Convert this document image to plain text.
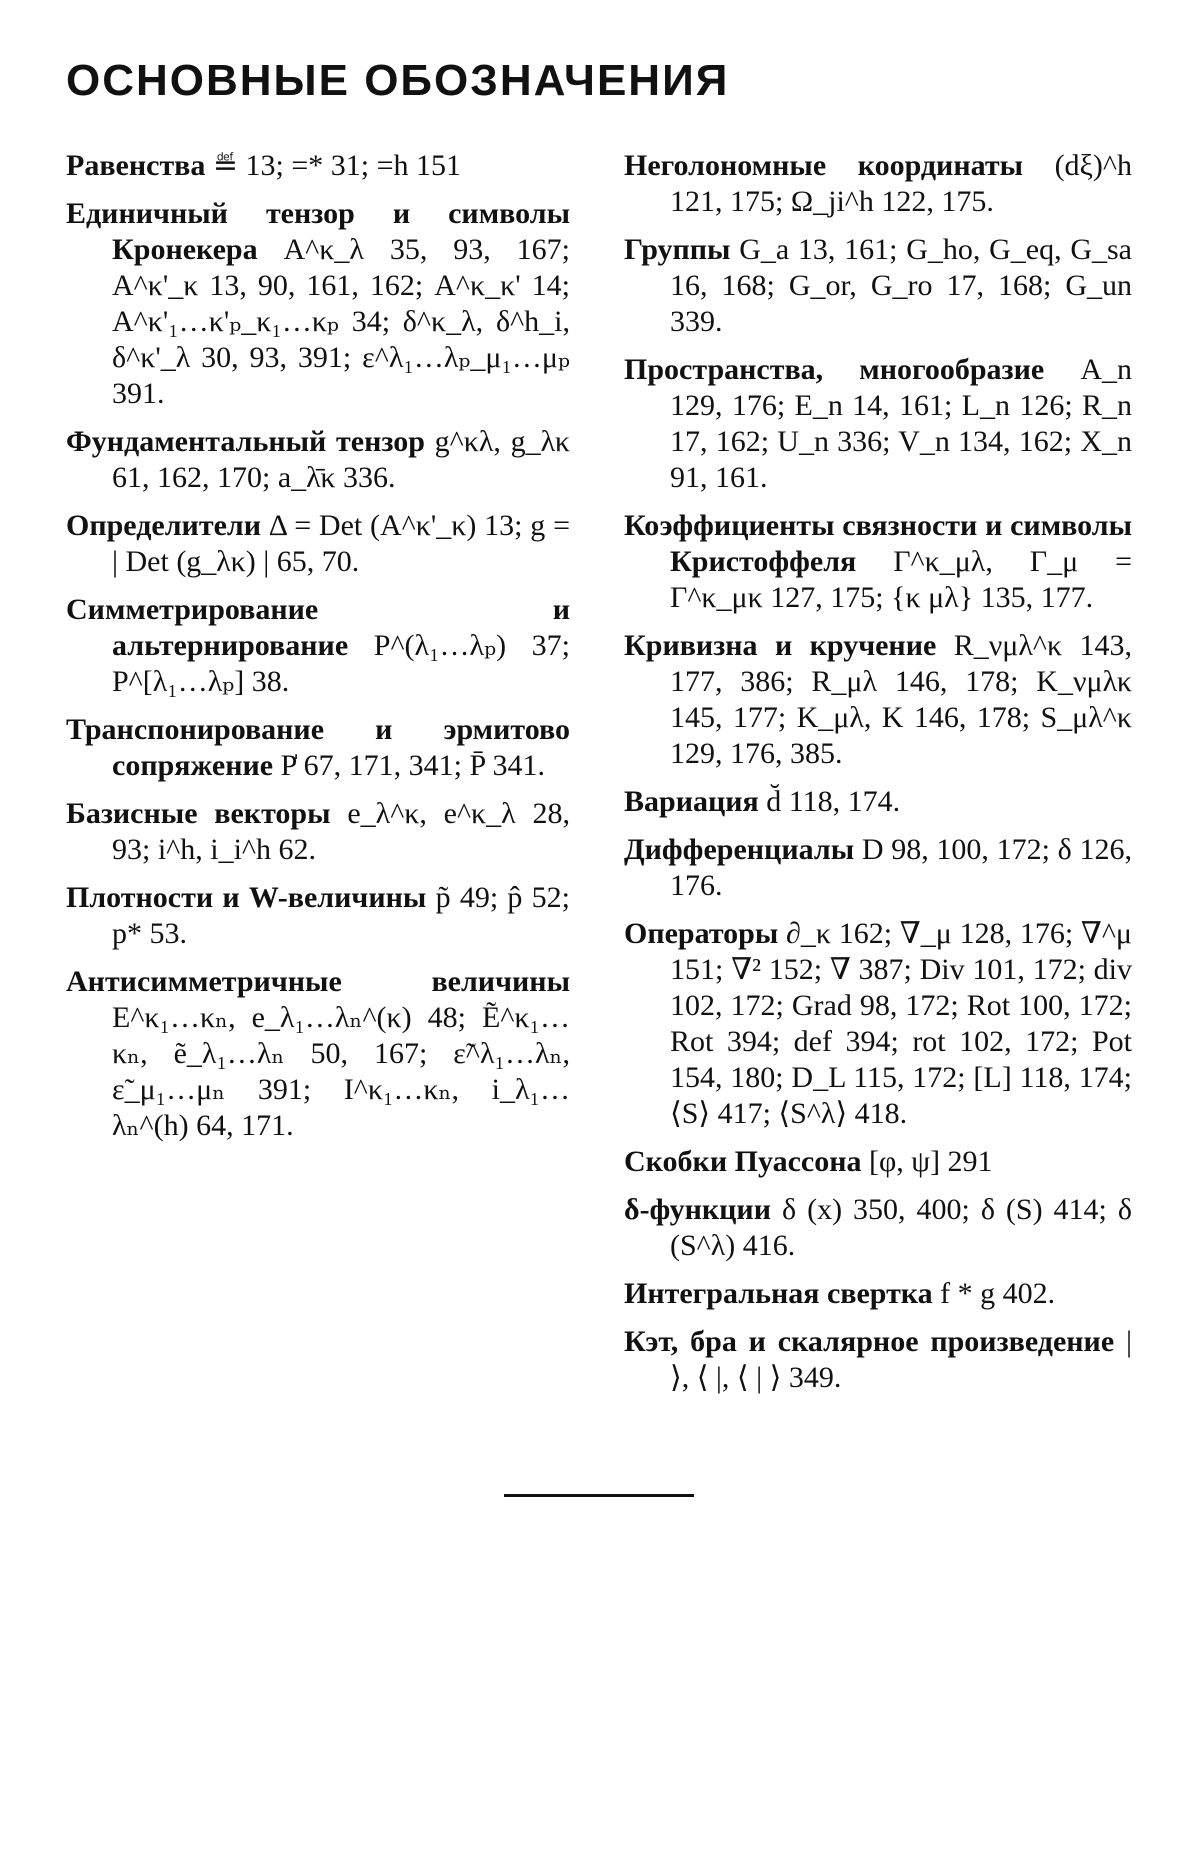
ОСНОВНЫЕ ОБОЗНАЧЕНИЯ

Равенства ≝ 13; =* 31; =h 151

Единичный тензор и символы Кронекера A^κ_λ 35, 93, 167; A^κ'_κ 13, 90, 161, 162; A^κ_κ' 14; A^κ'₁…κ'ₚ_κ₁…κₚ 34; δ^κ_λ, δ^h_i, δ^κ'_λ 30, 93, 391; ε^λ₁…λₚ_μ₁…μₚ 391.

Фундаментальный тензор g^κλ, g_λκ 61, 162, 170; a_λ̄κ 336.

Определители Δ = Det (A^κ'_κ) 13; g = | Det (g_λκ) | 65, 70.

Симметрирование и альтернирование P^(λ₁…λₚ) 37; P^[λ₁…λₚ] 38.

Транспонирование и эрмитово сопряжение P̍ 67, 171, 341; P̄ 341.

Базисные векторы e_λ^κ, e^κ_λ 28, 93; i^h, i_i^h 62.

Плотности и W-величины p̃ 49; p̂ 52; p* 53.

Антисимметричные величины E^κ₁…κₙ, e_λ₁…λₙ^(κ) 48; Ẽ^κ₁…κₙ, ẽ_λ₁…λₙ 50, 167; ε̃^λ₁…λₙ, ε̃_μ₁…μₙ 391; I^κ₁…κₙ, i_λ₁…λₙ^(h) 64, 171.

Неголономные координаты (dξ)^h 121, 175; Ω_ji^h 122, 175.

Группы G_a 13, 161; G_ho, G_eq, G_sa 16, 168; G_or, G_ro 17, 168; G_un 339.

Пространства, многообразие A_n 129, 176; E_n 14, 161; L_n 126; R_n 17, 162; U_n 336; V_n 134, 162; X_n 91, 161.

Коэффициенты связности и символы Кристоффеля Γ^κ_μλ, Γ_μ = Γ^κ_μκ 127, 175; {κ μλ} 135, 177.

Кривизна и кручение R_νμλ^κ 143, 177, 386; R_μλ 146, 178; K_νμλκ 145, 177; K_μλ, K 146, 178; S_μλ^κ 129, 176, 385.

Вариация d̆ 118, 174.

Дифференциалы D 98, 100, 172; δ 126, 176.

Операторы ∂_κ 162; ∇_μ 128, 176; ∇^μ 151; ∇² 152; ∇ 387; Div 101, 172; div 102, 172; Grad 98, 172; Rot 100, 172; Rot 394; def 394; rot 102, 172; Pot 154, 180; D_L 115, 172; [L] 118, 174; ⟨S⟩ 417; ⟨S^λ⟩ 418.

Скобки Пуассона [φ, ψ] 291

δ-функции δ (x) 350, 400; δ (S) 414; δ (S^λ) 416.

Интегральная свертка f * g 402.

Кэт, бра и скалярное произведение | ⟩, ⟨ |, ⟨ | ⟩ 349.
